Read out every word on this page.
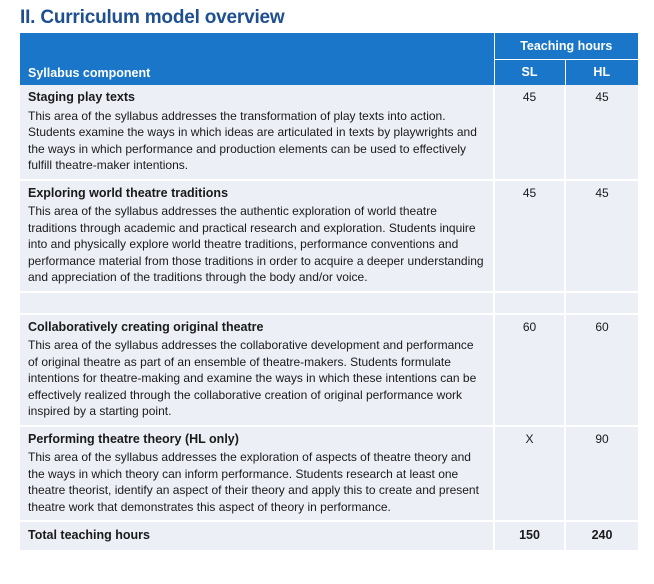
II. Curriculum model overview
Syllabus component	Teaching hours	
	SL	HL

Staging play texts
This area of the syllabus addresses the transformation of play texts into action. Students examine the ways in which ideas are articulated in texts by playwrights and the ways in which performance and production elements can be used to effectively fulfill theatre-maker intentions.	45	45

Exploring world theatre traditions
This area of the syllabus addresses the authentic exploration of world theatre traditions through academic and practical research and exploration. Students inquire into and physically explore world theatre traditions, performance conventions and performance material from those traditions in order to acquire a deeper understanding and appreciation of the traditions through the body and/or voice.	45	45

Collaboratively creating original theatre
This area of the syllabus addresses the collaborative development and performance of original theatre as part of an ensemble of theatre-makers. Students formulate intentions for theatre-making and examine the ways in which these intentions can be effectively realized through the collaborative creation of original performance work inspired by a starting point.	60	60

Performing theatre theory (HL only)
This area of the syllabus addresses the exploration of aspects of theatre theory and the ways in which theory can inform performance. Students research at least one theatre theorist, identify an aspect of their theory and apply this to create and present theatre work that demonstrates this aspect of theory in performance.	X	90
Total teaching hours	150	240
